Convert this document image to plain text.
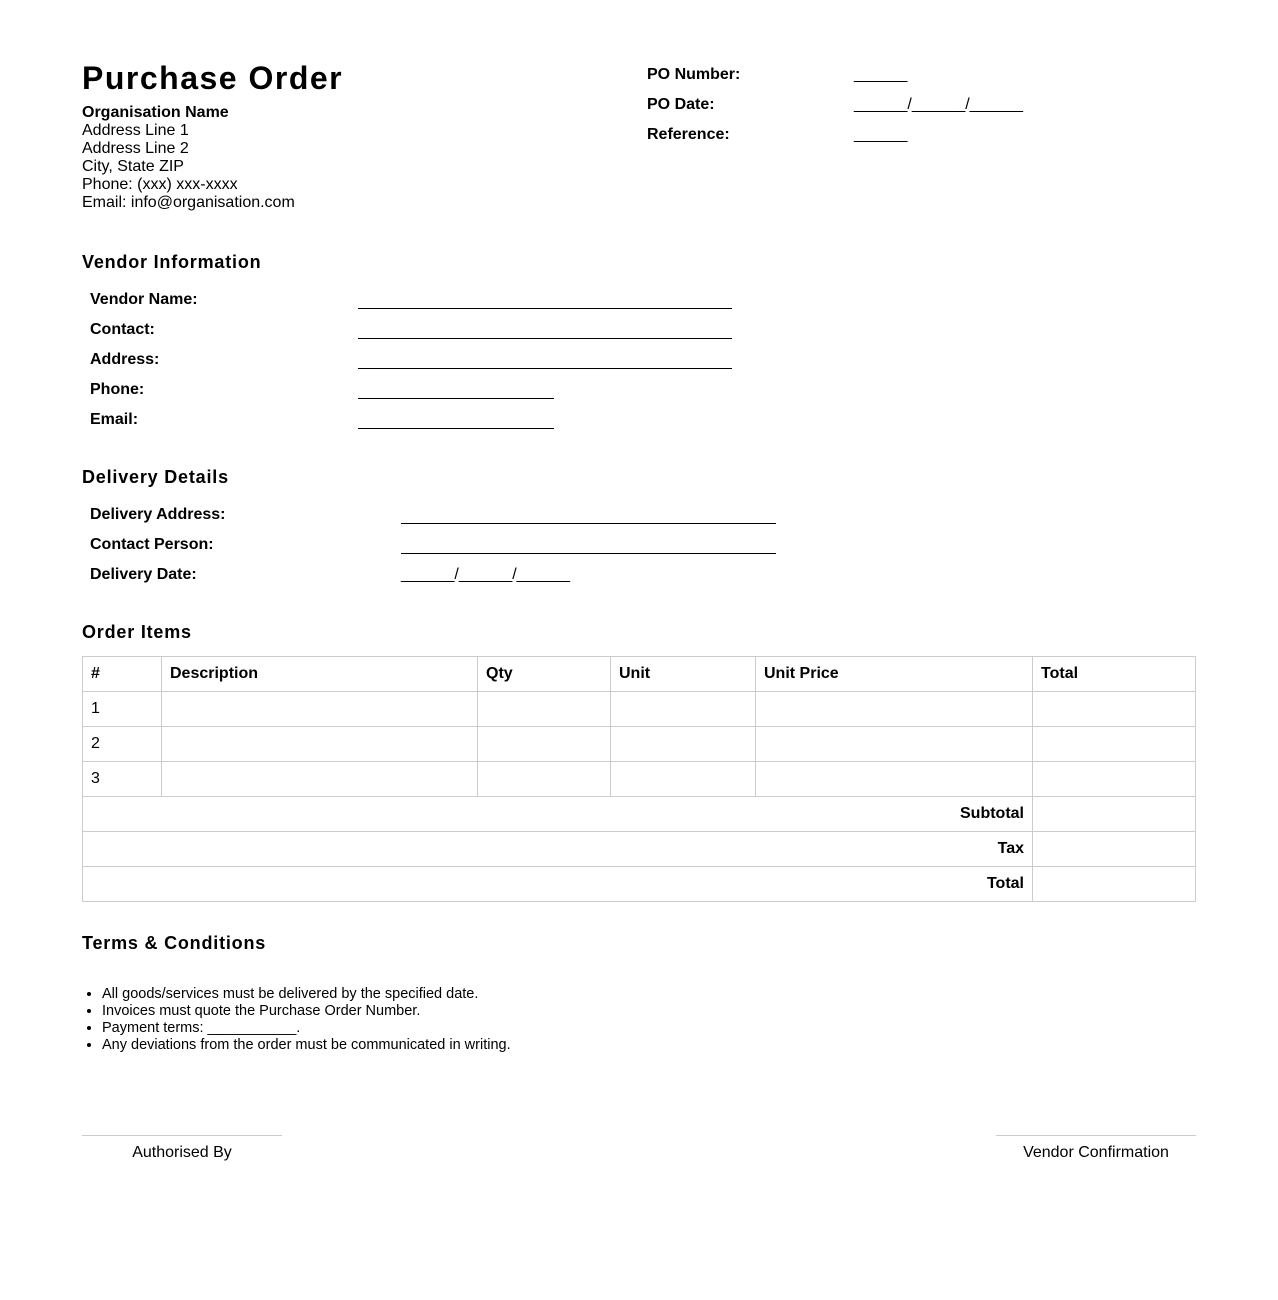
Purchase Order
Organisation Name
Address Line 1
Address Line 2
City, State ZIP
Phone: (xxx) xxx-xxxx
Email: info@organisation.com
PO Number:	______
PO Date:	______/______/______
Reference:	______
Vendor Information
Vendor Name:
Contact:
Address:
Phone:
Email:
Delivery Details
Delivery Address:
Contact Person:
Delivery Date:	______/______/______
Order Items
#	Description	Qty	Unit	Unit Price	Total
1					
2					
3					
Subtotal					
Tax					
Total					
Terms & Conditions
• All goods/services must be delivered by the specified date.
• Invoices must quote the Purchase Order Number.
• Payment terms: ___________.
• Any deviations from the order must be communicated in writing.
Authorised By	Vendor Confirmation
